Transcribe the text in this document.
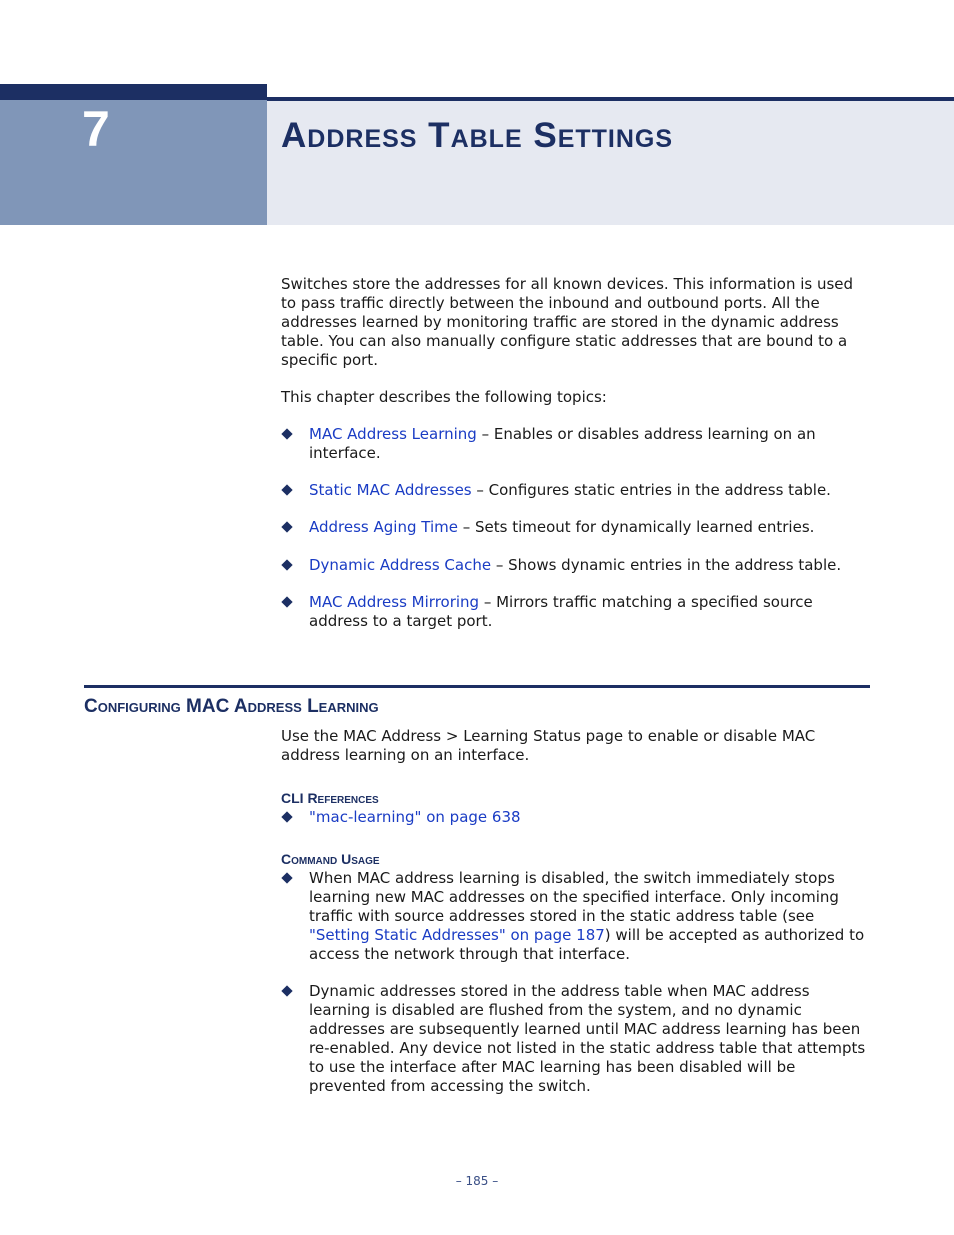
7	Address Table Settings
Switches store the addresses for all known devices. This information is used to pass traffic directly between the inbound and outbound ports. All the addresses learned by monitoring traffic are stored in the dynamic address table. You can also manually configure static addresses that are bound to a specific port.
This chapter describes the following topics:
MAC Address Learning – Enables or disables address learning on an interface.
Static MAC Addresses – Configures static entries in the address table.
Address Aging Time – Sets timeout for dynamically learned entries.
Dynamic Address Cache – Shows dynamic entries in the address table.
MAC Address Mirroring – Mirrors traffic matching a specified source address to a target port.
Configuring MAC Address Learning
Use the MAC Address > Learning Status page to enable or disable MAC address learning on an interface.
CLI References
"mac-learning" on page 638
Command Usage
When MAC address learning is disabled, the switch immediately stops learning new MAC addresses on the specified interface. Only incoming traffic with source addresses stored in the static address table (see "Setting Static Addresses" on page 187) will be accepted as authorized to access the network through that interface.
Dynamic addresses stored in the address table when MAC address learning is disabled are flushed from the system, and no dynamic addresses are subsequently learned until MAC address learning has been re-enabled. Any device not listed in the static address table that attempts to use the interface after MAC learning has been disabled will be prevented from accessing the switch.
– 185 –
